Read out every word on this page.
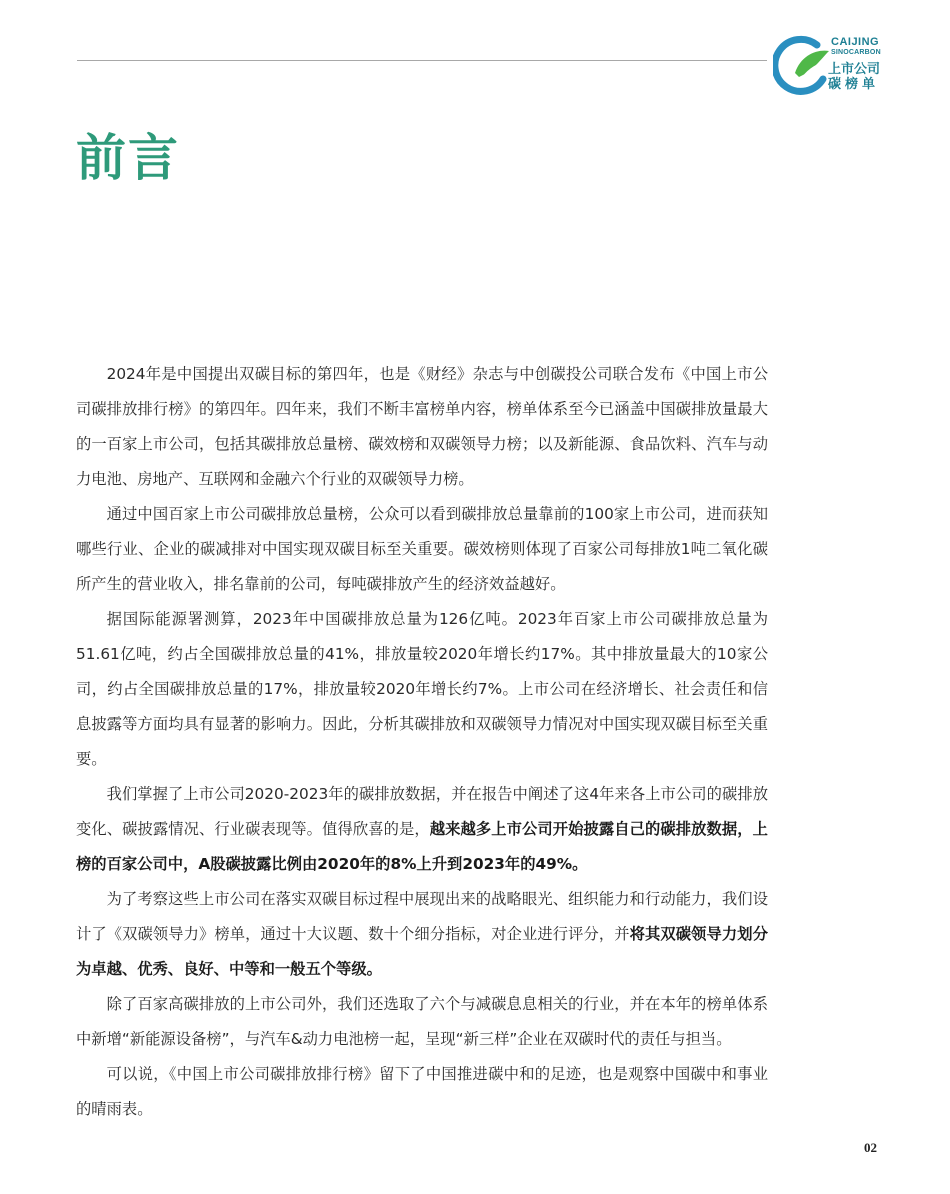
CAIJING
SINOCARBON
上市公司
碳榜单
前言

2024年是中国提出双碳目标的第四年，也是《财经》杂志与中创碳投公司联合发布《中国上市公司碳排放排行榜》的第四年。四年来，我们不断丰富榜单内容，榜单体系至今已涵盖中国碳排放量最大的一百家上市公司，包括其碳排放总量榜、碳效榜和双碳领导力榜；以及新能源、食品饮料、汽车与动力电池、房地产、互联网和金融六个行业的双碳领导力榜。

通过中国百家上市公司碳排放总量榜，公众可以看到碳排放总量靠前的100家上市公司，进而获知哪些行业、企业的碳减排对中国实现双碳目标至关重要。碳效榜则体现了百家公司每排放1吨二氧化碳所产生的营业收入，排名靠前的公司，每吨碳排放产生的经济效益越好。

据国际能源署测算，2023年中国碳排放总量为126亿吨。2023年百家上市公司碳排放总量为51.61亿吨，约占全国碳排放总量的41%，排放量较2020年增长约17%。其中排放量最大的10家公司，约占全国碳排放总量的17%，排放量较2020年增长约7%。上市公司在经济增长、社会责任和信息披露等方面均具有显著的影响力。因此，分析其碳排放和双碳领导力情况对中国实现双碳目标至关重要。

我们掌握了上市公司2020-2023年的碳排放数据，并在报告中阐述了这4年来各上市公司的碳排放变化、碳披露情况、行业碳表现等。值得欣喜的是，越来越多上市公司开始披露自己的碳排放数据，上榜的百家公司中，A股碳披露比例由2020年的8%上升到2023年的49%。

为了考察这些上市公司在落实双碳目标过程中展现出来的战略眼光、组织能力和行动能力，我们设计了《双碳领导力》榜单，通过十大议题、数十个细分指标，对企业进行评分，并将其双碳领导力划分为卓越、优秀、良好、中等和一般五个等级。

除了百家高碳排放的上市公司外，我们还选取了六个与减碳息息相关的行业，并在本年的榜单体系中新增“新能源设备榜”，与汽车&动力电池榜一起，呈现“新三样”企业在双碳时代的责任与担当。

可以说，《中国上市公司碳排放排行榜》留下了中国推进碳中和的足迹，也是观察中国碳中和事业的晴雨表。

02
